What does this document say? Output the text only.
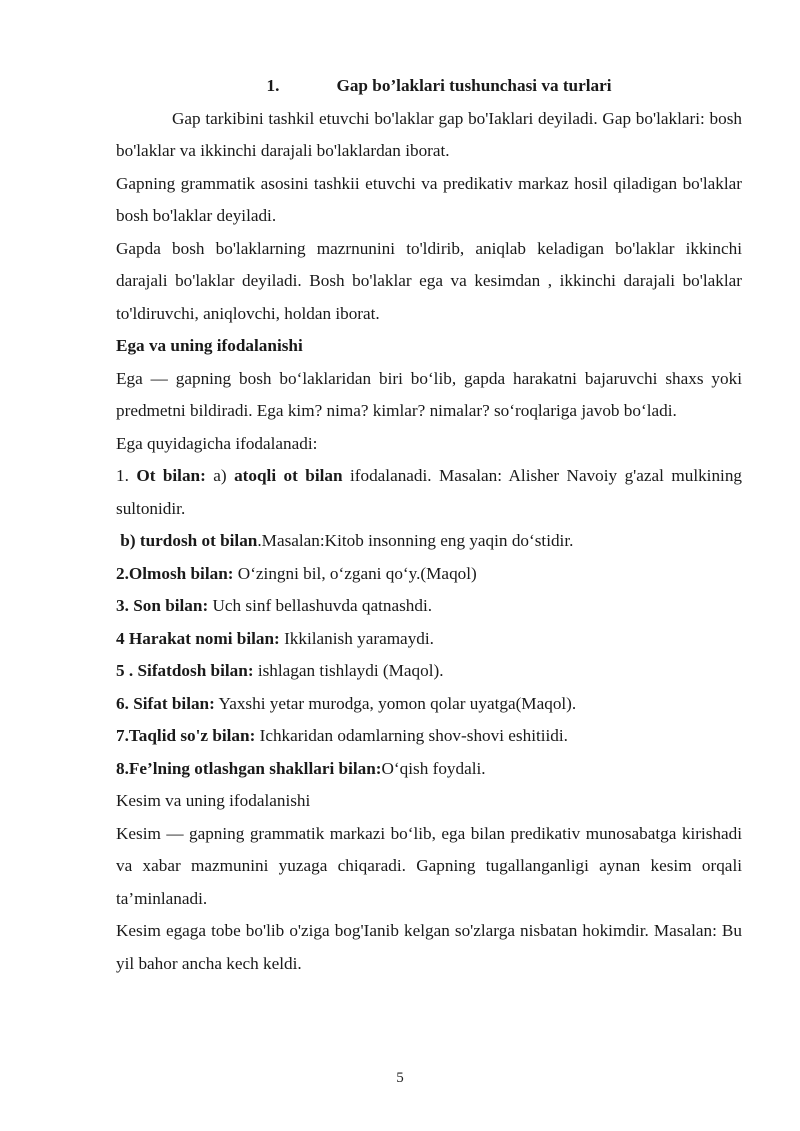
1.	Gap bo’laklari tushunchasi va turlari

Gap tarkibini tashkil etuvchi bo'laklar gap bo'Iaklari deyiladi. Gap bo'laklari: bosh bo'laklar va ikkinchi darajali bo'laklardan iborat.

Gapning grammatik asosini tashkii etuvchi va predikativ markaz hosil qiladigan bo'laklar bosh bo'laklar deyiladi.

Gapda bosh bo'laklarning mazrnunini to'ldirib, aniqlab keladigan bo'laklar ikkinchi darajali bo'laklar deyiladi. Bosh bo'laklar ega va kesimdan , ikkinchi darajali bo'laklar to'ldiruvchi, aniqlovchi, holdan iborat.

Ega va uning ifodalanishi

Ega — gapning bosh bo‘laklaridan biri bo‘lib, gapda harakatni bajaruvchi shaxs yoki predmetni bildiradi. Ega kim? nima? kimlar? nimalar? so‘roqlariga javob bo‘ladi.

Ega quyidagicha ifodalanadi:

1. Ot bilan: a) atoqli ot bilan ifodalanadi. Masalan: Alisher Navoiy g'azal mulkining sultonidir.

b) turdosh ot bilan.Masalan:Kitob insonning eng yaqin do‘stidir.

2.Olmosh bilan: O‘zingni bil, o‘zgani qo‘y.(Maqol)

3. Son bilan: Uch sinf bellashuvda qatnashdi.

4 Harakat nomi bilan: Ikkilanish yaramaydi.

5 . Sifatdosh bilan: ishlagan tishlaydi (Maqol).

6. Sifat bilan: Yaxshi yetar murodga, yomon qolar uyatga(Maqol).

7.Taqlid so'z bilan: Ichkaridan odamlarning shov-shovi eshitiidi.

8.Fe’lning otlashgan shakllari bilan:O‘qish foydali.

Kesim va uning ifodalanishi

Kesim — gapning grammatik markazi bo‘lib, ega bilan predikativ munosabatga kirishadi va xabar mazmunini yuzaga chiqaradi. Gapning tugallanganligi aynan kesim orqali ta’minlanadi.

Kesim egaga tobe bo'lib o'ziga bog'Ianib kelgan so'zlarga nisbatan hokimdir. Masalan: Bu yil bahor ancha kech keldi.

5
